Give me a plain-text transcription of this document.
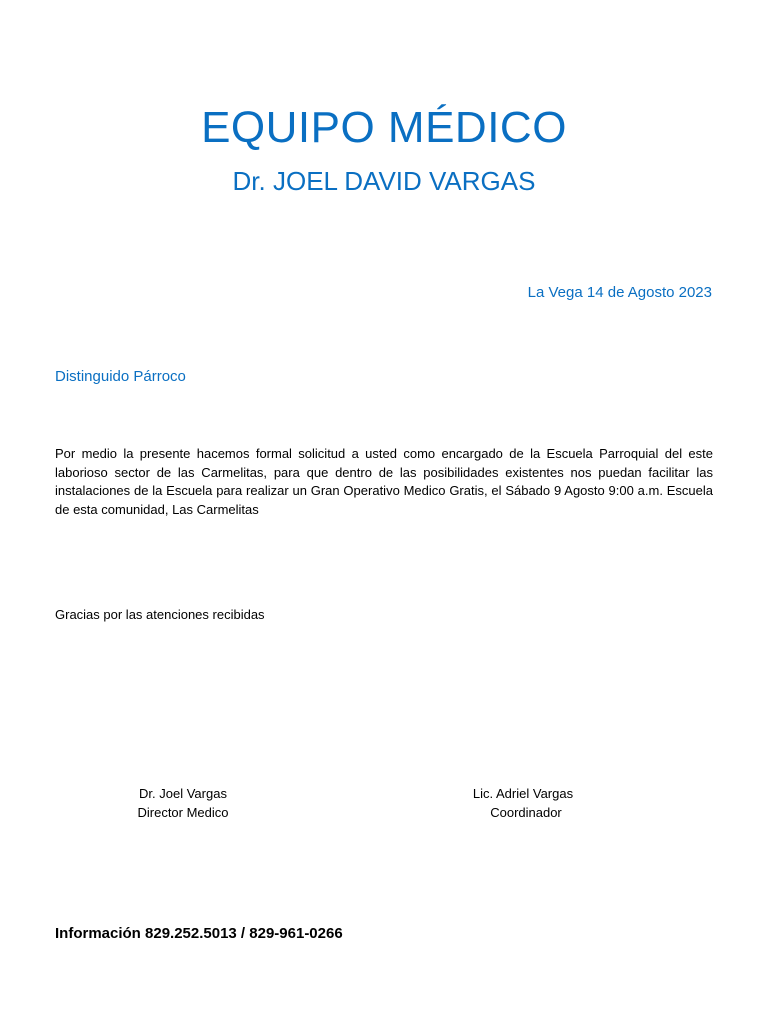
EQUIPO MÉDICO
Dr. JOEL DAVID VARGAS
La Vega 14 de Agosto 2023
Distinguido Párroco
Por medio la presente hacemos formal solicitud a usted como encargado de la Escuela Parroquial del este laborioso sector de las Carmelitas, para que dentro de las posibilidades existentes nos puedan facilitar las instalaciones de la Escuela para realizar un Gran Operativo Medico Gratis, el Sábado 9 Agosto 9:00 a.m. Escuela de esta comunidad, Las Carmelitas
Gracias por las atenciones recibidas
Dr. Joel Vargas
Director Medico
Lic. Adriel Vargas
Coordinador
Información 829.252.5013 / 829-961-0266
